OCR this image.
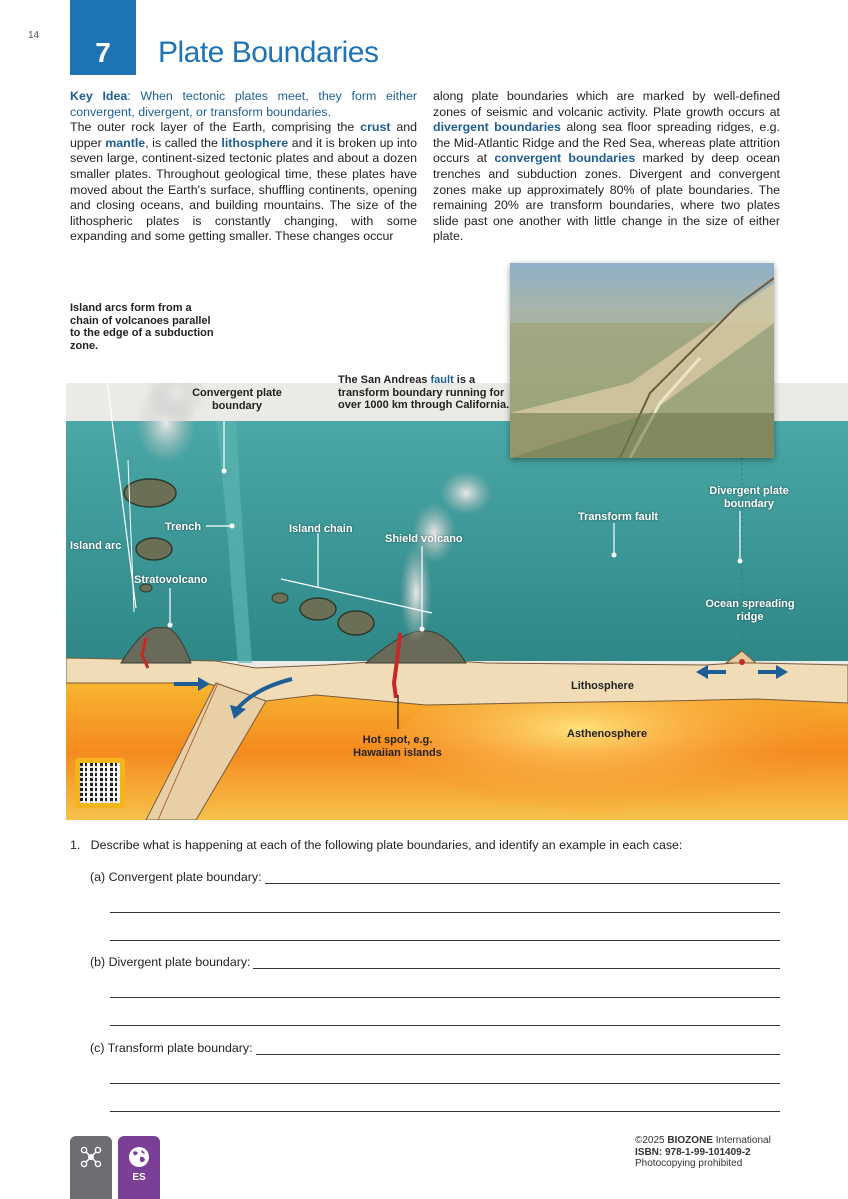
14
7	Plate Boundaries
Key Idea: When tectonic plates meet, they form either convergent, divergent, or transform boundaries.
The outer rock layer of the Earth, comprising the crust and upper mantle, is called the lithosphere and it is broken up into seven large, continent-sized tectonic plates and about a dozen smaller plates. Throughout geological time, these plates have moved about the Earth's surface, shuffling continents, opening and closing oceans, and building mountains. The size of the lithospheric plates is constantly changing, with some expanding and some getting smaller. These changes occur
along plate boundaries which are marked by well-defined zones of seismic and volcanic activity. Plate growth occurs at divergent boundaries along sea floor spreading ridges, e.g. the Mid-Atlantic Ridge and the Red Sea, whereas plate attrition occurs at convergent boundaries marked by deep ocean trenches and subduction zones. Divergent and convergent zones make up approximately 80% of plate boundaries. The remaining 20% are transform boundaries, where two plates slide past one another with little change in the size of either plate.
Island arcs form from a chain of volcanoes parallel to the edge of a subduction zone.
Convergent plate boundary
The San Andreas fault is a transform boundary running for over 1000 km through California.
Divergent plate boundary
Transform fault
Trench	Island chain
Shield volcano
Island arc
Stratovolcano
Ocean spreading ridge
Lithosphere
Asthenosphere
Hot spot, e.g. Hawaiian islands
1. Describe what is happening at each of the following plate boundaries, and identify an example in each case:
(a) Convergent plate boundary:
(b) Divergent plate boundary:
(c) Transform plate boundary:
ES
©2025 BIOZONE International
ISBN: 978-1-99-101409-2
Photocopying prohibited
